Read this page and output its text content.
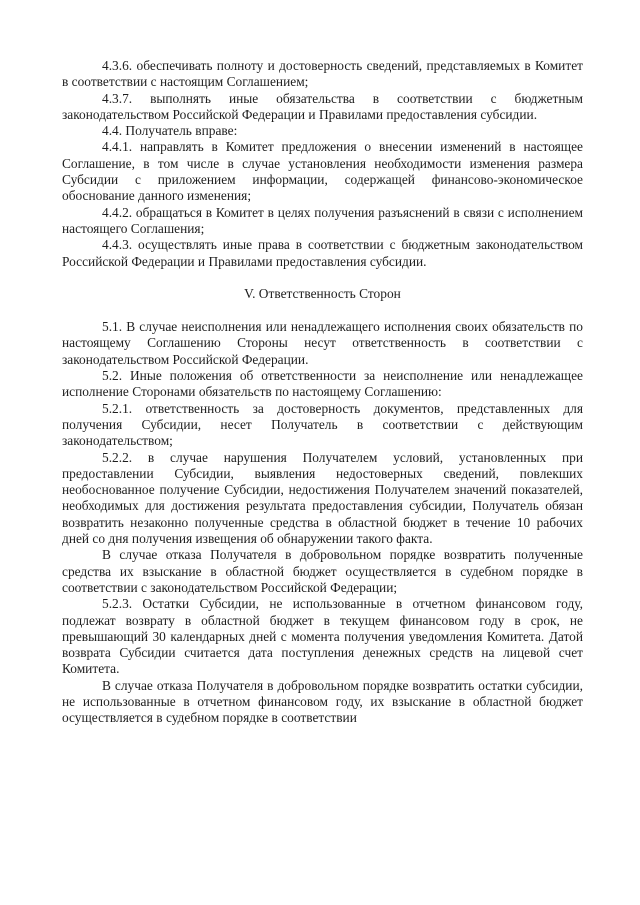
4.3.6. обеспечивать полноту и достоверность сведений, представляемых в Комитет в соответствии с настоящим Соглашением;

4.3.7. выполнять иные обязательства в соответствии с бюджетным законодательством Российской Федерации и Правилами предоставления субсидии.

4.4. Получатель вправе:

4.4.1. направлять в Комитет предложения о внесении изменений в настоящее Соглашение, в том числе в случае установления необходимости изменения размера Субсидии с приложением информации, содержащей финансово-экономическое обоснование данного изменения;

4.4.2. обращаться в Комитет в целях получения разъяснений в связи с исполнением настоящего Соглашения;

4.4.3. осуществлять иные права в соответствии с бюджетным законодательством Российской Федерации и Правилами предоставления субсидии.

V. Ответственность Сторон

5.1. В случае неисполнения или ненадлежащего исполнения своих обязательств по настоящему Соглашению Стороны несут ответственность в соответствии с законодательством Российской Федерации.

5.2. Иные положения об ответственности за неисполнение или ненадлежащее исполнение Сторонами обязательств по настоящему Соглашению:

5.2.1. ответственность за достоверность документов, представленных для получения Субсидии, несет Получатель в соответствии с действующим законодательством;

5.2.2. в случае нарушения Получателем условий, установленных при предоставлении Субсидии, выявления недостоверных сведений, повлекших необоснованное получение Субсидии, недостижения Получателем значений показателей, необходимых для достижения результата предоставления субсидии, Получатель обязан возвратить незаконно полученные средства в областной бюджет в течение 10 рабочих дней со дня получения извещения об обнаружении такого факта.

В случае отказа Получателя в добровольном порядке возвратить полученные средства их взыскание в областной бюджет осуществляется в судебном порядке в соответствии с законодательством Российской Федерации;

5.2.3. Остатки Субсидии, не использованные в отчетном финансовом году, подлежат возврату в областной бюджет в текущем финансовом году в срок, не превышающий 30 календарных дней с момента получения уведомления Комитета. Датой возврата Субсидии считается дата поступления денежных средств на лицевой счет Комитета.

В случае отказа Получателя в добровольном порядке возвратить остатки субсидии, не использованные в отчетном финансовом году, их взыскание в областной бюджет осуществляется в судебном порядке в соответствии
